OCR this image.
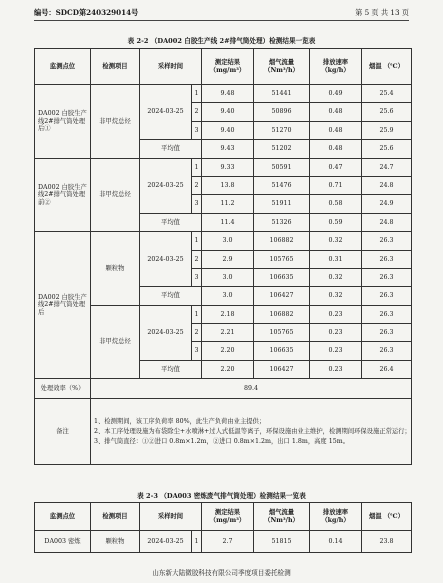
编号：SDCD第240329014号	第 5 页 共 13 页
表 2-2 （DA002 白胶生产线 2#排气筒处理）检测结果一览表
监测点位	检测项目	采样时间		测定结果 （mg/m³）	烟气流量 （Nm³/h）	排放速率 （kg/h）	烟温 （℃）
DA002 白胶生产线2#排气筒处理后①	非甲烷总烃	2024-03-25	1	9.48	51441	0.49	25.4
			2	9.40	50896	0.48	25.6
			3	9.40	51270	0.48	25.9
		平均值		9.43	51202	0.48	25.6
DA002 白胶生产线2#排气筒处理前②	非甲烷总烃	2024-03-25	1	9.33	50591	0.47	24.7
			2	13.8	51476	0.71	24.8
			3	11.2	51911	0.58	24.9
		平均值		11.4	51326	0.59	24.8
DA002 白胶生产线2#排气筒处理后	颗粒物	2024-03-25	1	3.0	106882	0.32	26.3
			2	2.9	105765	0.31	26.3
			3	3.0	106635	0.32	26.3
		平均值		3.0	106427	0.32	26.3
	非甲烷总烃	2024-03-25	1	2.18	106882	0.23	26.3
			2	2.21	105765	0.23	26.3
			3	2.20	106635	0.23	26.3
		平均值		2.20	106427	0.23	26.4
处理效率（%）	89.4						
备注	1、检测期间，该工序负荷率 80%，此生产负荷由业主提供；

2、本工序处理设施为布袋除尘+水喷淋+过人式低温等离子，环保设施由业主维护，检测期间环保设施正常运行；

3、排气筒直径：①②进口 0.8m×1.2m，②进口 0.8m×1.2m，出口 1.8m，高度 15m。						

表 2-3 （DA003 密炼废气排气筒处理）检测结果一览表
监测点位	检测项目	采样时间		测定结果 （mg/m³）	烟气流量 （Nm³/h）	排放速率 （kg/h）	烟温 （℃）
DA003 密炼	颗粒物	2024-03-25	1	2.7	51815	0.14	23.8
山东新大陆微胶科技有限公司季度项目委托检测
